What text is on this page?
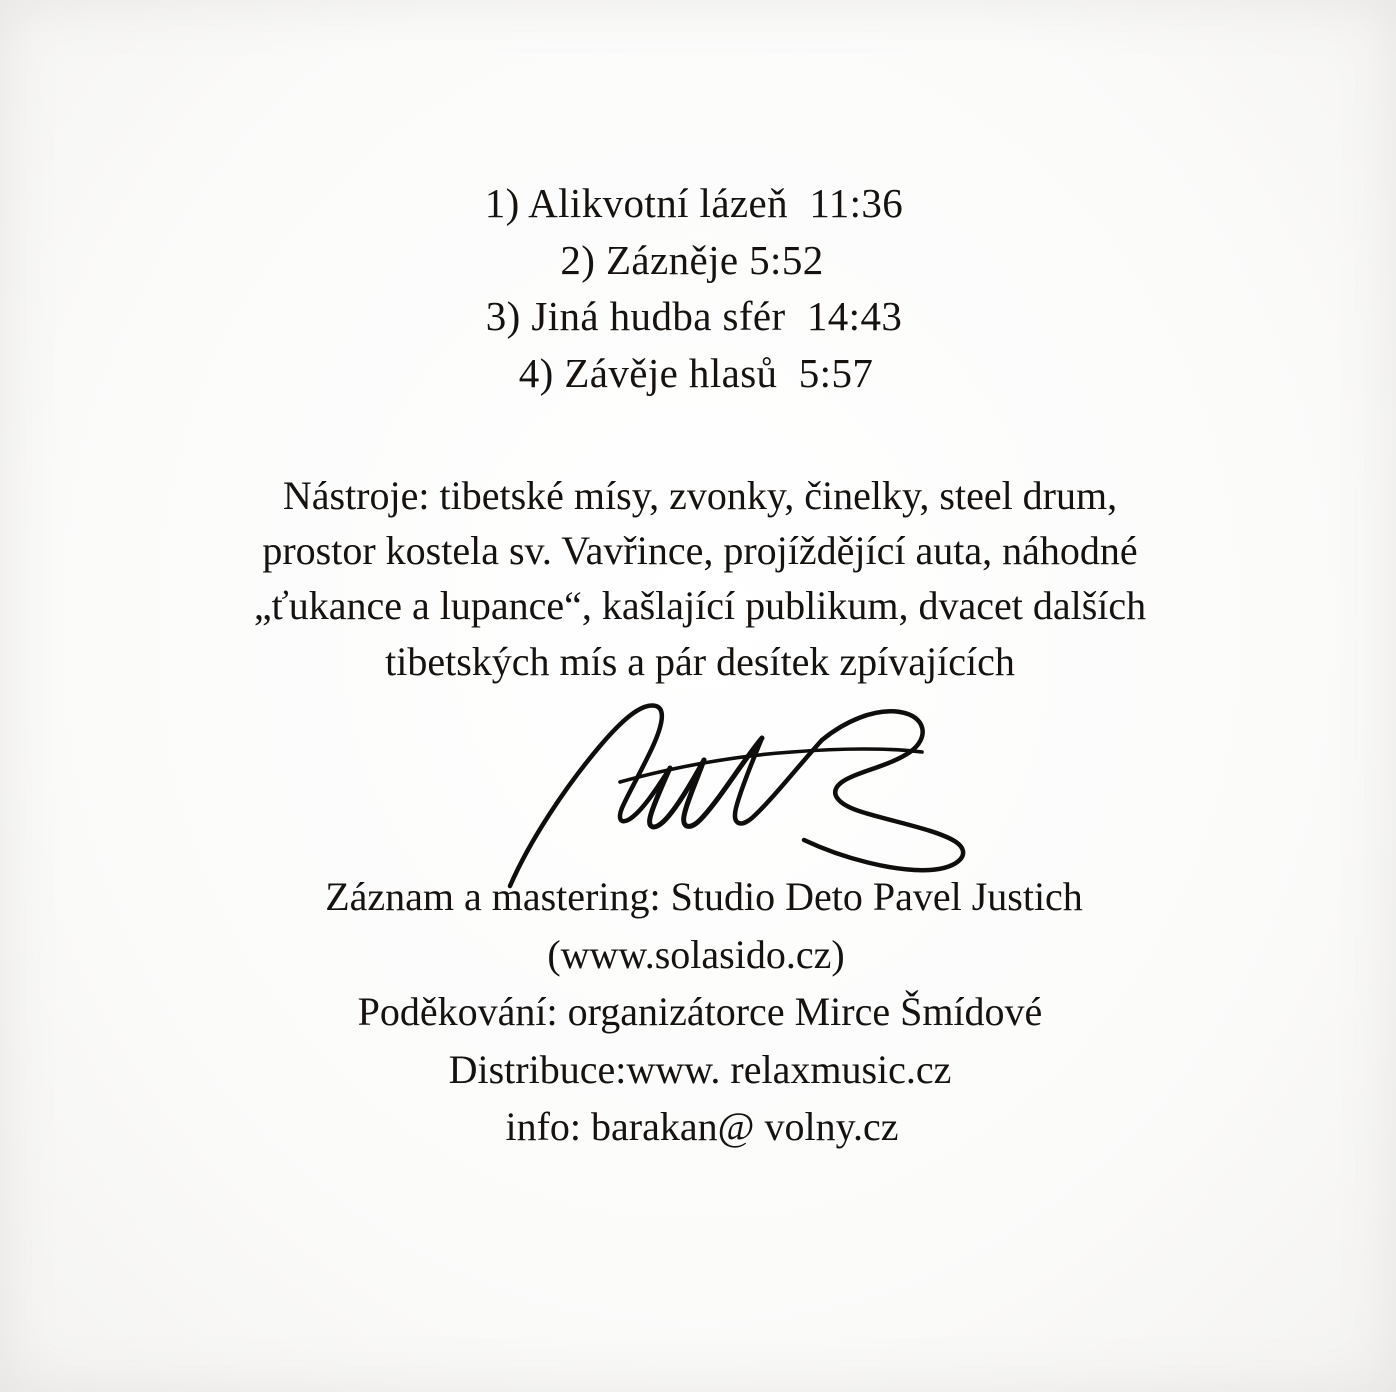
1) Alikvotní lázeň  11:36
2) Zázněje 5:52
3) Jiná hudba sfér  14:43
4) Závěje hlasů  5:57
Nástroje: tibetské mísy, zvonky, činelky, steel drum,
prostor kostela sv. Vavřince, projíždějící auta, náhodné
„ťukance a lupance“, kašlající publikum, dvacet dalších
tibetských mís a pár desítek zpívajících
Záznam a mastering: Studio Deto Pavel Justich
(www.solasido.cz)
Poděkování: organizátorce Mirce Šmídové
Distribuce:www. relaxmusic.cz
info: barakan@ volny.cz
